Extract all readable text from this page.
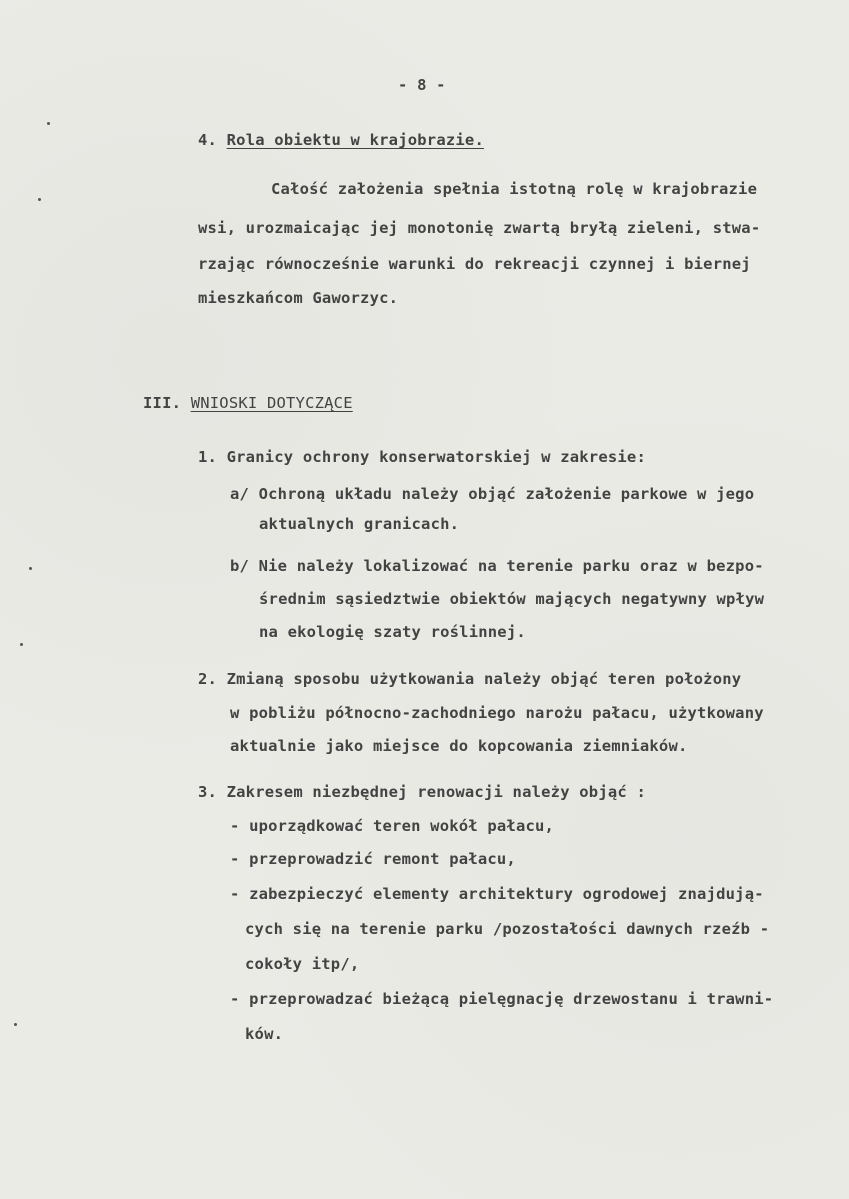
- 8 -
4. Rola obiektu w krajobrazie.
Całość założenia spełnia istotną rolę w krajobrazie
wsi, urozmaicając jej monotonię zwartą bryłą zieleni, stwa-
rzając równocześnie warunki do rekreacji czynnej i biernej
mieszkańcom Gaworzyc.
III. WNIOSKI DOTYCZĄCE
1. Granicy ochrony konserwatorskiej w zakresie:
a/ Ochroną układu należy objąć założenie parkowe w jego
aktualnych granicach.
b/ Nie należy lokalizować na terenie parku oraz w bezpo-
średnim sąsiedztwie obiektów mających negatywny wpływ
na ekologię szaty roślinnej.
2. Zmianą sposobu użytkowania należy objąć teren położony
w pobliżu północno-zachodniego narożu pałacu, użytkowany
aktualnie jako miejsce do kopcowania ziemniaków.
3. Zakresem niezbędnej renowacji należy objąć :
- uporządkować teren wokół pałacu,
- przeprowadzić remont pałacu,
- zabezpieczyć elementy architektury ogrodowej znajdują-
cych się na terenie parku /pozostałości dawnych rzeźb -
cokoły itp/,
- przeprowadzać bieżącą pielęgnację drzewostanu i trawni-
ków.
